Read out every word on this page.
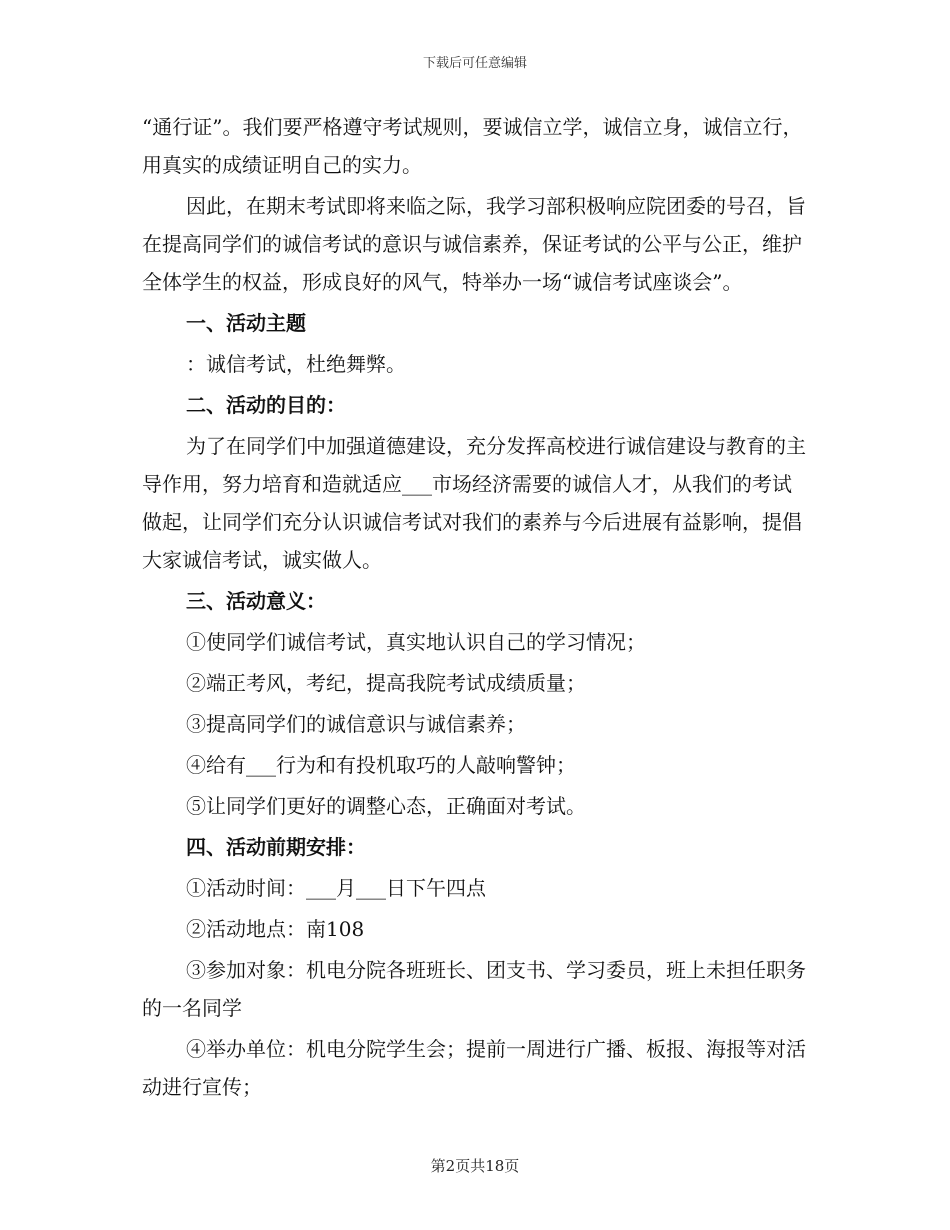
下载后可任意编辑

“通行证”。我们要严格遵守考试规则，要诚信立学，诚信立身，诚信立行，用真实的成绩证明自己的实力。

因此，在期末考试即将来临之际，我学习部积极响应院团委的号召，旨在提高同学们的诚信考试的意识与诚信素养，保证考试的公平与公正，维护全体学生的权益，形成良好的风气，特举办一场“诚信考试座谈会”。

一、活动主题

：诚信考试，杜绝舞弊。

二、活动的目的：

为了在同学们中加强道德建设，充分发挥高校进行诚信建设与教育的主导作用，努力培育和造就适应___市场经济需要的诚信人才，从我们的考试做起，让同学们充分认识诚信考试对我们的素养与今后进展有益影响，提倡大家诚信考试，诚实做人。

三、活动意义：

①使同学们诚信考试，真实地认识自己的学习情况；

②端正考风，考纪，提高我院考试成绩质量；

③提高同学们的诚信意识与诚信素养；

④给有___行为和有投机取巧的人敲响警钟；

⑤让同学们更好的调整心态，正确面对考试。

四、活动前期安排：

①活动时间：___月___日下午四点

②活动地点：南108

③参加对象：机电分院各班班长、团支书、学习委员，班上未担任职务的一名同学

④举办单位：机电分院学生会；提前一周进行广播、板报、海报等对活动进行宣传；

第2页共18页
